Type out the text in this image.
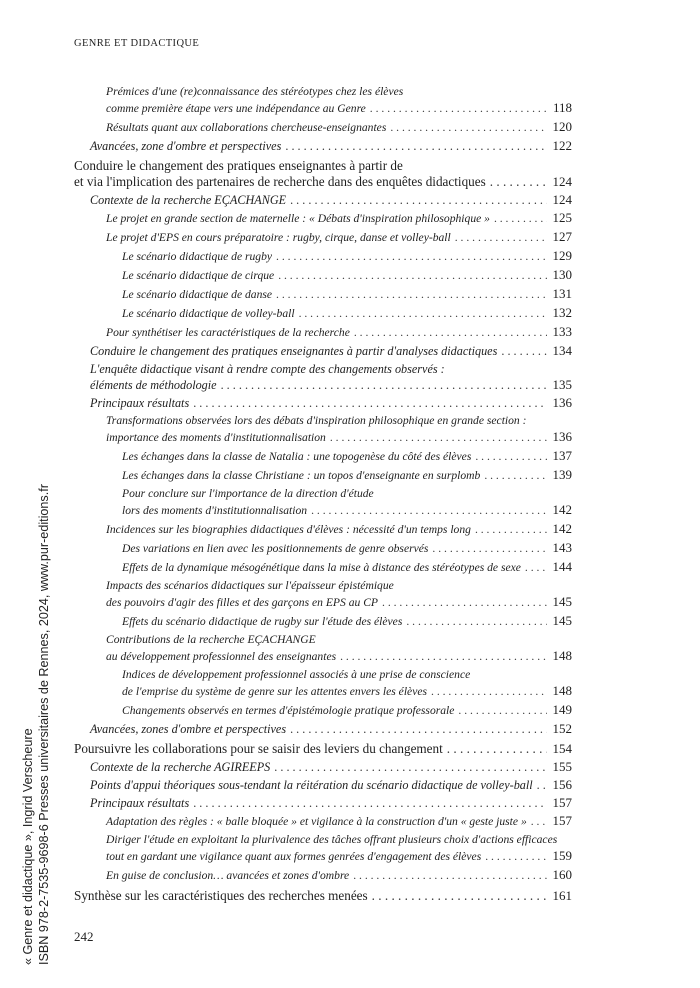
GENRE ET DIDACTIQUE
Prémices d'une (re)connaissance des stéréotypes chez les élèves
comme première étape vers une indépendance au Genre . . .	118
Résultats quant aux collaborations chercheuse-enseignantes . . .	120
Avancées, zone d'ombre et perspectives . . .	122
Conduire le changement des pratiques enseignantes à partir de
et via l'implication des partenaires de recherche dans des enquêtes didactiques . . .	124
Contexte de la recherche EÇACHANGE . . .	124
Le projet en grande section de maternelle : « Débats d'inspiration philosophique » . . .	125
Le projet d'EPS en cours préparatoire : rugby, cirque, danse et volley-ball . . .	127
Le scénario didactique de rugby . . .	129
Le scénario didactique de cirque . . .	130
Le scénario didactique de danse . . .	131
Le scénario didactique de volley-ball . . .	132
Pour synthétiser les caractéristiques de la recherche . . .	133
Conduire le changement des pratiques enseignantes à partir d'analyses didactiques . . .	134
L'enquête didactique visant à rendre compte des changements observés :
éléments de méthodologie . . .	135
Principaux résultats . . .	136
Transformations observées lors des débats d'inspiration philosophique en grande section :
importance des moments d'institutionnalisation . . .	136
Les échanges dans la classe de Natalia : une topogenèse du côté des élèves . . .	137
Les échanges dans la classe Christiane : un topos d'enseignante en surplomb . . .	139
Pour conclure sur l'importance de la direction d'étude
lors des moments d'institutionnalisation . . .	142
Incidences sur les biographies didactiques d'élèves : nécessité d'un temps long . . .	142
Des variations en lien avec les positionnements de genre observés . . .	143
Effets de la dynamique mésogénétique dans la mise à distance des stéréotypes de sexe . . . 144
Impacts des scénarios didactiques sur l'épaisseur épistémique
des pouvoirs d'agir des filles et des garçons en EPS au CP . . .	145
Effets du scénario didactique de rugby sur l'étude des élèves . . .	145
Contributions de la recherche EÇACHANGE
au développement professionnel des enseignantes . . .	148
Indices de développement professionnel associés à une prise de conscience
de l'emprise du système de genre sur les attentes envers les élèves . . .	148
Changements observés en termes d'épistémologie pratique professorale . . .	149
Avancées, zones d'ombre et perspectives . . .	152
Poursuivre les collaborations pour se saisir des leviers du changement . . .	154
Contexte de la recherche AGIREEPS . . .	155
Points d'appui théoriques sous-tendant la réitération du scénario didactique de volley-ball . . . 156
Principaux résultats . . .	157
Adaptation des règles : « balle bloquée » et vigilance à la construction d'un « geste juste » . . . 157
Diriger l'étude en exploitant la plurivalence des tâches offrant plusieurs choix d'actions efficaces
tout en gardant une vigilance quant aux formes genrées d'engagement des élèves . . .	159
En guise de conclusion… avancées et zones d'ombre . . .	160
Synthèse sur les caractéristiques des recherches menées . . .	161
242
« Genre et didactique », Ingrid Verscheure ISBN 978-2-7535-9698-6 Presses universitaires de Rennes, 2024, www.pur-editions.fr
